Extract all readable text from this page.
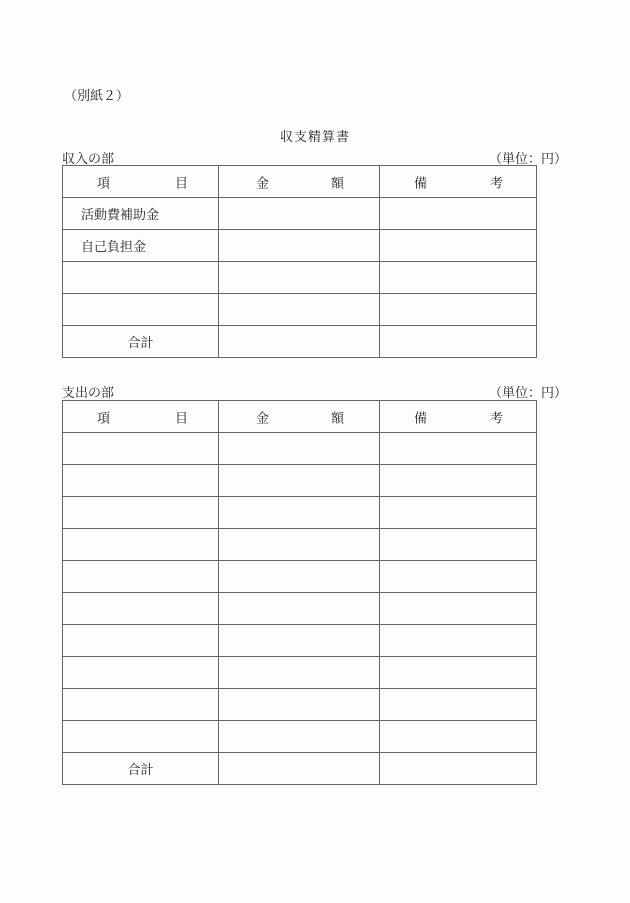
（別紙２）
収支精算書
収入の部	（単位：円）
項 目	金 額	備 考

活動費補助金		
自己負担金		

合計		
支出の部	（単位：円）
項 目	金 額	備 考

合計		
